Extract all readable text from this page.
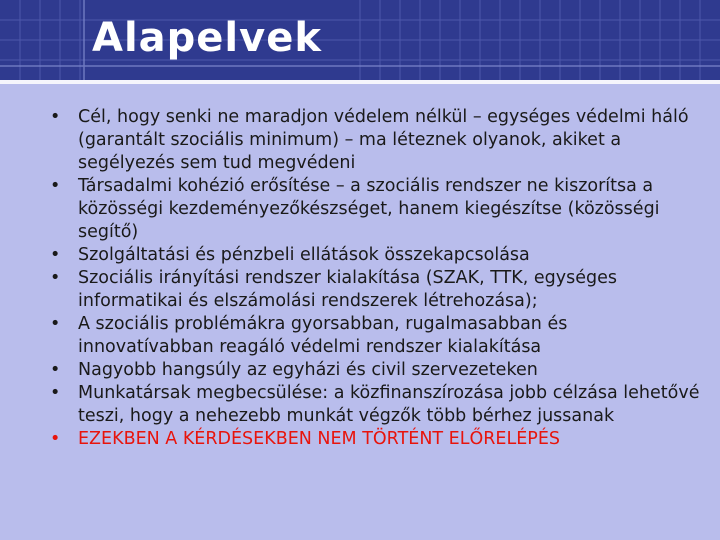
Alapelvek
•	Cél, hogy senki ne maradjon védelem nélkül – egységes védelmi háló (garantált szociális minimum) – ma léteznek olyanok, akiket a segélyezés sem tud megvédeni
•	Társadalmi kohézió erősítése – a szociális rendszer ne kiszorítsa a közösségi kezdeményezőkészséget, hanem kiegészítse (közösségi segítő)
•	Szolgáltatási és pénzbeli ellátások összekapcsolása
•	Szociális irányítási rendszer kialakítása (SZAK, TTK, egységes informatikai és elszámolási rendszerek létrehozása);
•	A szociális problémákra gyorsabban, rugalmasabban és innovatívabban reagáló védelmi rendszer kialakítása
•	Nagyobb hangsúly az egyházi és civil szervezeteken
•	Munkatársak megbecsülése: a közfinanszírozása jobb célzása lehetővé teszi, hogy a nehezebb munkát végzők több bérhez jussanak
•	EZEKBEN A KÉRDÉSEKBEN NEM TÖRTÉNT ELŐRELÉPÉS
